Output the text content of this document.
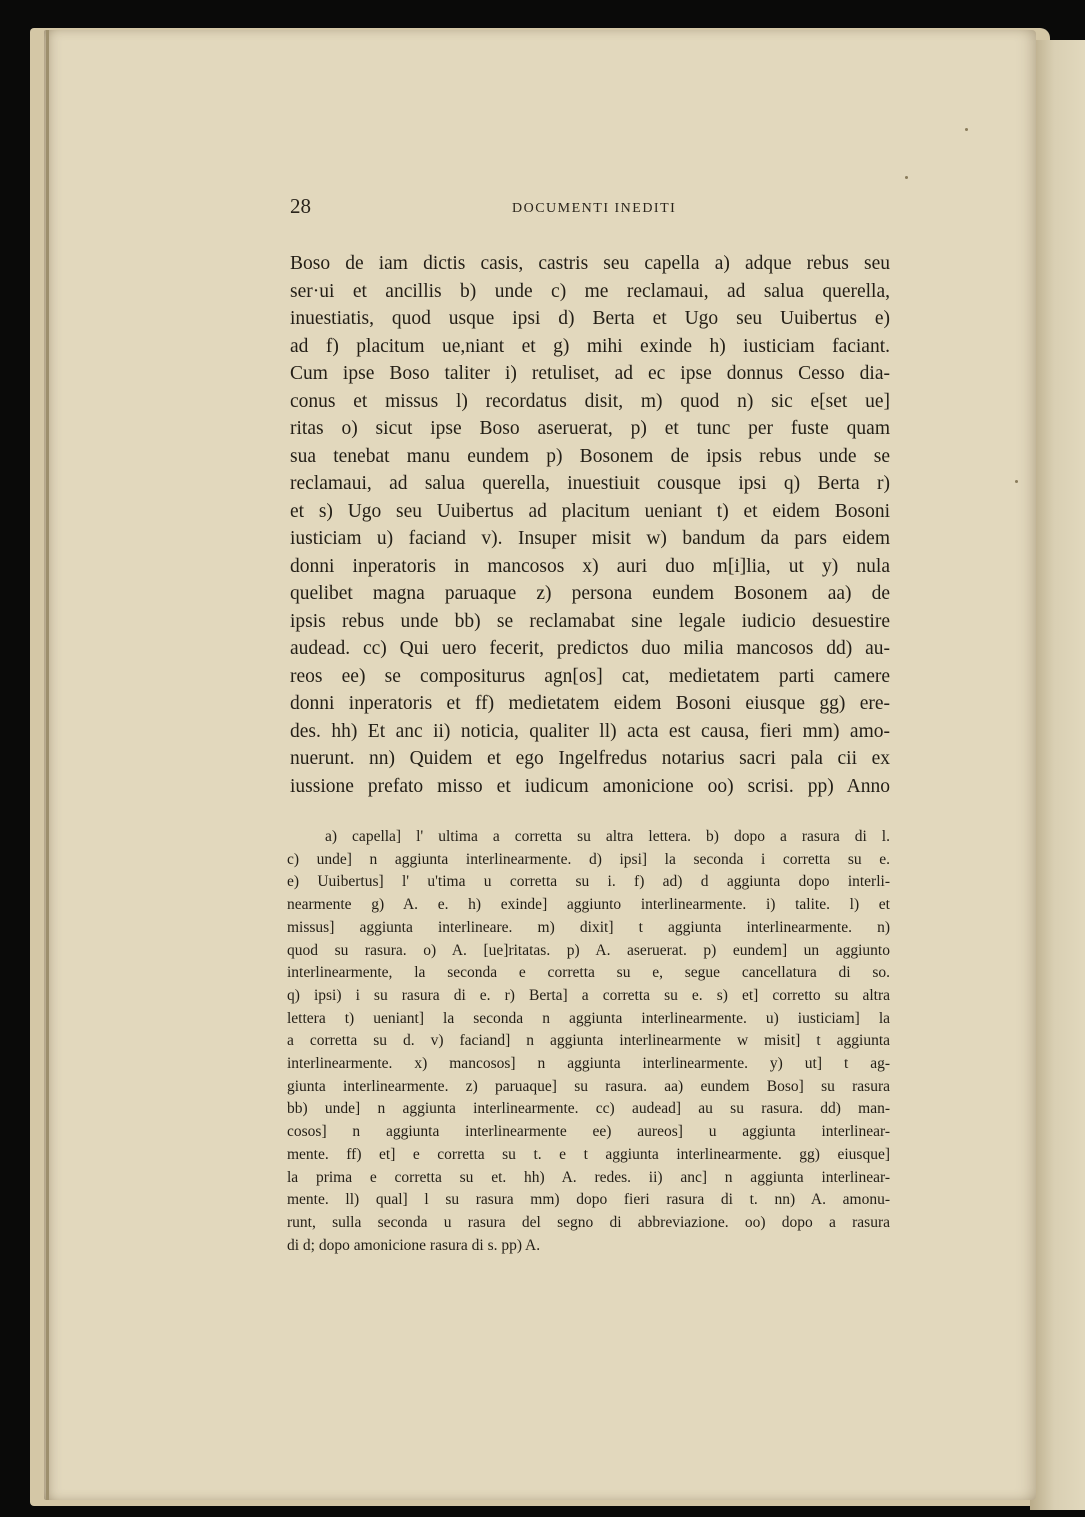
28	DOCUMENTI INEDITI
Boso de iam dictis casis, castris seu capella a) adque rebus seu
ser·ui et ancillis b) unde c) me reclamaui, ad salua querella,
inuestiatis, quod usque ipsi d) Berta et Ugo seu Uuibertus e)
ad f) placitum ue,niant et g) mihi exinde h) iusticiam faciant.
Cum ipse Boso taliter i) retuliset, ad ec ipse donnus Cesso dia-
conus et missus l) recordatus disit, m) quod n) sic e[set ue]
ritas o) sicut ipse Boso aseruerat, p) et tunc per fuste quam
sua tenebat manu eundem p) Bosonem de ipsis rebus unde se
reclamaui, ad salua querella, inuestiuit cousque ipsi q) Berta r)
et s) Ugo seu Uuibertus ad placitum ueniant t) et eidem Bosoni
iusticiam u) faciand v). Insuper misit w) bandum da pars eidem
donni inperatoris in mancosos x) auri duo m[i]lia, ut y) nula
quelibet magna paruaque z) persona eundem Bosonem aa) de
ipsis rebus unde bb) se reclamabat sine legale iudicio desuestire
audead. cc) Qui uero fecerit, predictos duo milia mancosos dd) au-
reos ee) se compositurus agn[os] cat, medietatem parti camere
donni inperatoris et ff) medietatem eidem Bosoni eiusque gg) ere-
des. hh) Et anc ii) noticia, qualiter ll) acta est causa, fieri mm) amo-
nuerunt. nn) Quidem et ego Ingelfredus notarius sacri pala cii ex
iussione prefato misso et iudicum amonicione oo) scrisi. pp) Anno
a) capella] l' ultima a corretta su altra lettera. b) dopo a rasura di l.
c) unde] n aggiunta interlinearmente. d) ipsi] la seconda i corretta su e.
e) Uuibertus] l' u'tima u corretta su i. f) ad) d aggiunta dopo interli-
nearmente g) A. e. h) exinde] aggiunto interlinearmente. i) talite. l) et
missus] aggiunta interlineare. m) dixit] t aggiunta interlinearmente. n)
quod su rasura. o) A. [ue]ritatas. p) A. aseruerat. p) eundem] un aggiunto
interlinearmente, la seconda e corretta su e, segue cancellatura di so.
q) ipsi) i su rasura di e. r) Berta] a corretta su e. s) et] corretto su altra
lettera t) ueniant] la seconda n aggiunta interlinearmente. u) iusticiam] la
a corretta su d. v) faciand] n aggiunta interlinearmente w misit] t aggiunta
interlinearmente. x) mancosos] n aggiunta interlinearmente. y) ut] t ag-
giunta interlinearmente. z) paruaque] su rasura. aa) eundem Boso] su rasura
bb) unde] n aggiunta interlinearmente. cc) audead] au su rasura. dd) man-
cosos] n aggiunta interlinearmente ee) aureos] u aggiunta interlinear-
mente. ff) et] e corretta su t. e t aggiunta interlinearmente. gg) eiusque]
la prima e corretta su et. hh) A. redes. ii) anc] n aggiunta interlinear-
mente. ll) qual] l su rasura mm) dopo fieri rasura di t. nn) A. amonu-
runt, sulla seconda u rasura del segno di abbreviazione. oo) dopo a rasura
di d; dopo amonicione rasura di s. pp) A.
